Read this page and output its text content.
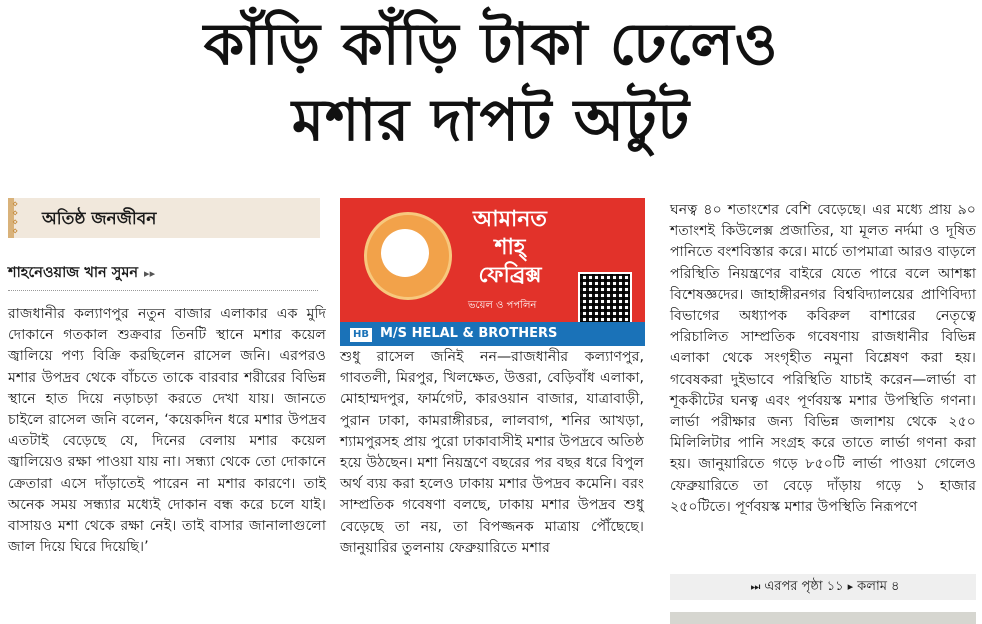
কাঁড়ি কাঁড়ি টাকা ঢেলেও
মশার দাপট অটুট
⋄
⋄
⋄
⋄
অতিষ্ঠ জনজীবন
শাহনেওয়াজ খান সুমন ▸▸
আমানত
শাহ্
ফেব্রিক্স
ভয়েল ও পপলিন
HB M/S HELAL & BROTHERS
রাজধানীর কল্যাণপুর নতুন বাজার এলাকার এক মুদি দোকানে গতকাল শুক্রবার তিনটি স্থানে মশার কয়েল জ্বালিয়ে পণ্য বিক্রি করছিলেন রাসেল জনি। এরপরও মশার উপদ্রব থেকে বাঁচতে তাকে বারবার শরীরের বিভিন্ন স্থানে হাত দিয়ে নড়াচড়া করতে দেখা যায়। জানতে চাইলে রাসেল জনি বলেন, ‘কয়েকদিন ধরে মশার উপদ্রব এতটাই বেড়েছে যে, দিনের বেলায় মশার কয়েল জ্বালিয়েও রক্ষা পাওয়া যায় না। সন্ধ্যা থেকে তো দোকানে ক্রেতারা এসে দাঁড়াতেই পারেন না মশার কারণে। তাই অনেক সময় সন্ধ্যার মধ্যেই দোকান বন্ধ করে চলে যাই। বাসায়ও মশা থেকে রক্ষা নেই। তাই বাসার জানালাগুলো জাল দিয়ে ঘিরে দিয়েছি।’
শুধু রাসেল জনিই নন—রাজধানীর কল্যাণপুর, গাবতলী, মিরপুর, খিলক্ষেত, উত্তরা, বেড়িবাঁধ এলাকা, মোহাম্মদপুর, ফার্মগেট, কারওয়ান বাজার, যাত্রাবাড়ী, পুরান ঢাকা, কামরাঙ্গীরচর, লালবাগ, শনির আখড়া, শ্যামপুরসহ প্রায় পুরো ঢাকাবাসীই মশার উপদ্রবে অতিষ্ঠ হয়ে উঠছেন। মশা নিয়ন্ত্রণে বছরের পর বছর ধরে বিপুল অর্থ ব্যয় করা হলেও ঢাকায় মশার উপদ্রব কমেনি। বরং সাম্প্রতিক গবেষণা বলছে, ঢাকায় মশার উপদ্রব শুধু বেড়েছে তা নয়, তা বিপজ্জনক মাত্রায় পৌঁছেছে। জানুয়ারির তুলনায় ফেব্রুয়ারিতে মশার
ঘনত্ব ৪০ শতাংশের বেশি বেড়েছে। এর মধ্যে প্রায় ৯০ শতাংশই কিউলেক্স প্রজাতির, যা মূলত নর্দমা ও দূষিত পানিতে বংশবিস্তার করে। মার্চে তাপমাত্রা আরও বাড়লে পরিস্থিতি নিয়ন্ত্রণের বাইরে যেতে পারে বলে আশঙ্কা বিশেষজ্ঞদের। জাহাঙ্গীরনগর বিশ্ববিদ্যালয়ের প্রাণিবিদ্যা বিভাগের অধ্যাপক কবিরুল বাশারের নেতৃত্বে পরিচালিত সাম্প্রতিক গবেষণায় রাজধানীর বিভিন্ন এলাকা থেকে সংগৃহীত নমুনা বিশ্লেষণ করা হয়। গবেষকরা দুইভাবে পরিস্থিতি যাচাই করেন—লার্ভা বা শূককীটের ঘনত্ব এবং পূর্ণবয়স্ক মশার উপস্থিতি গণনা। লার্ভা পরীক্ষার জন্য বিভিন্ন জলাশয় থেকে ২৫০ মিলিলিটার পানি সংগ্রহ করে তাতে লার্ভা গণনা করা হয়। জানুয়ারিতে গড়ে ৮৫০টি লার্ভা পাওয়া গেলেও ফেব্রুয়ারিতে তা বেড়ে দাঁড়ায় গড়ে ১ হাজার ২৫০টিতে। পূর্ণবয়স্ক মশার উপস্থিতি নিরূপণে
⏭ এরপর পৃষ্ঠা ১১ ▸ কলাম ৪
